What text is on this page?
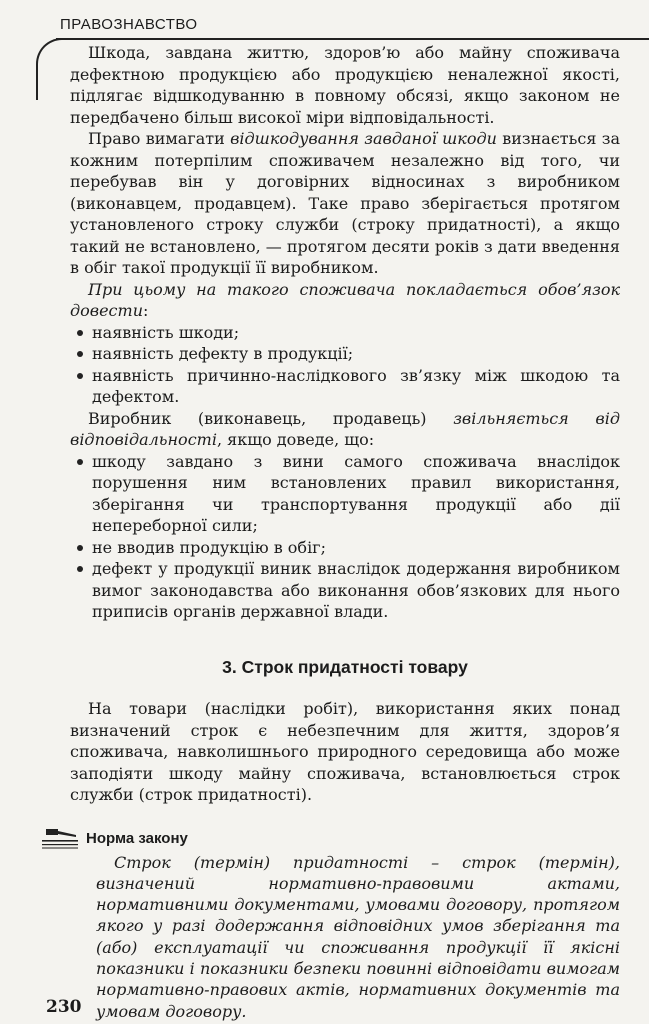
ПРАВОЗНАВСТВО

Шкода, завдана життю, здоров’ю або майну споживача дефектною продукцією або продукцією неналежної якості, підлягає відшкодуванню в повному обсязі, якщо законом не передбачено більш високої міри відповідальності.

Право вимагати відшкодування завданої шкоди визнається за кожним потерпілим споживачем незалежно від того, чи перебував він у договірних відносинах з виробником (виконавцем, продавцем). Таке право зберігається протягом установленого строку служби (строку придатності), а якщо такий не встановлено, — протягом десяти років з дати введення в обіг такої продукції її виробником.

При цьому на такого споживача покладається обов’язок довести:

наявність шкоди;
наявність дефекту в продукції;
наявність причинно-наслідкового зв’язку між шкодою та дефектом.

Виробник (виконавець, продавець) звільняється від відповідальності, якщо доведе, що:

шкоду завдано з вини самого споживача внаслідок порушення ним встановлених правил використання, зберігання чи транспортування продукції або дії непереборної сили;
не вводив продукцію в обіг;
дефект у продукції виник внаслідок додержання виробником вимог законодавства або виконання обов’язкових для нього приписів органів державної влади.
3. Строк придатності товару

На товари (наслідки робіт), використання яких понад визначений строк є небезпечним для життя, здоров’я споживача, навколишнього природного середовища або може заподіяти шкоду майну споживача, встановлюється строк служби (строк придатності).

Норма закону

Строк (термін) придатності – строк (термін), визначений нормативно-правовими актами, нормативними документами, умовами договору, протягом якого у разі додержання відповідних умов зберігання та (або) експлуатації чи споживання продукції її якісні показники і показники безпеки повинні відповідати вимогам нормативно-правових актів, нормативних документів та умовам договору.

230
